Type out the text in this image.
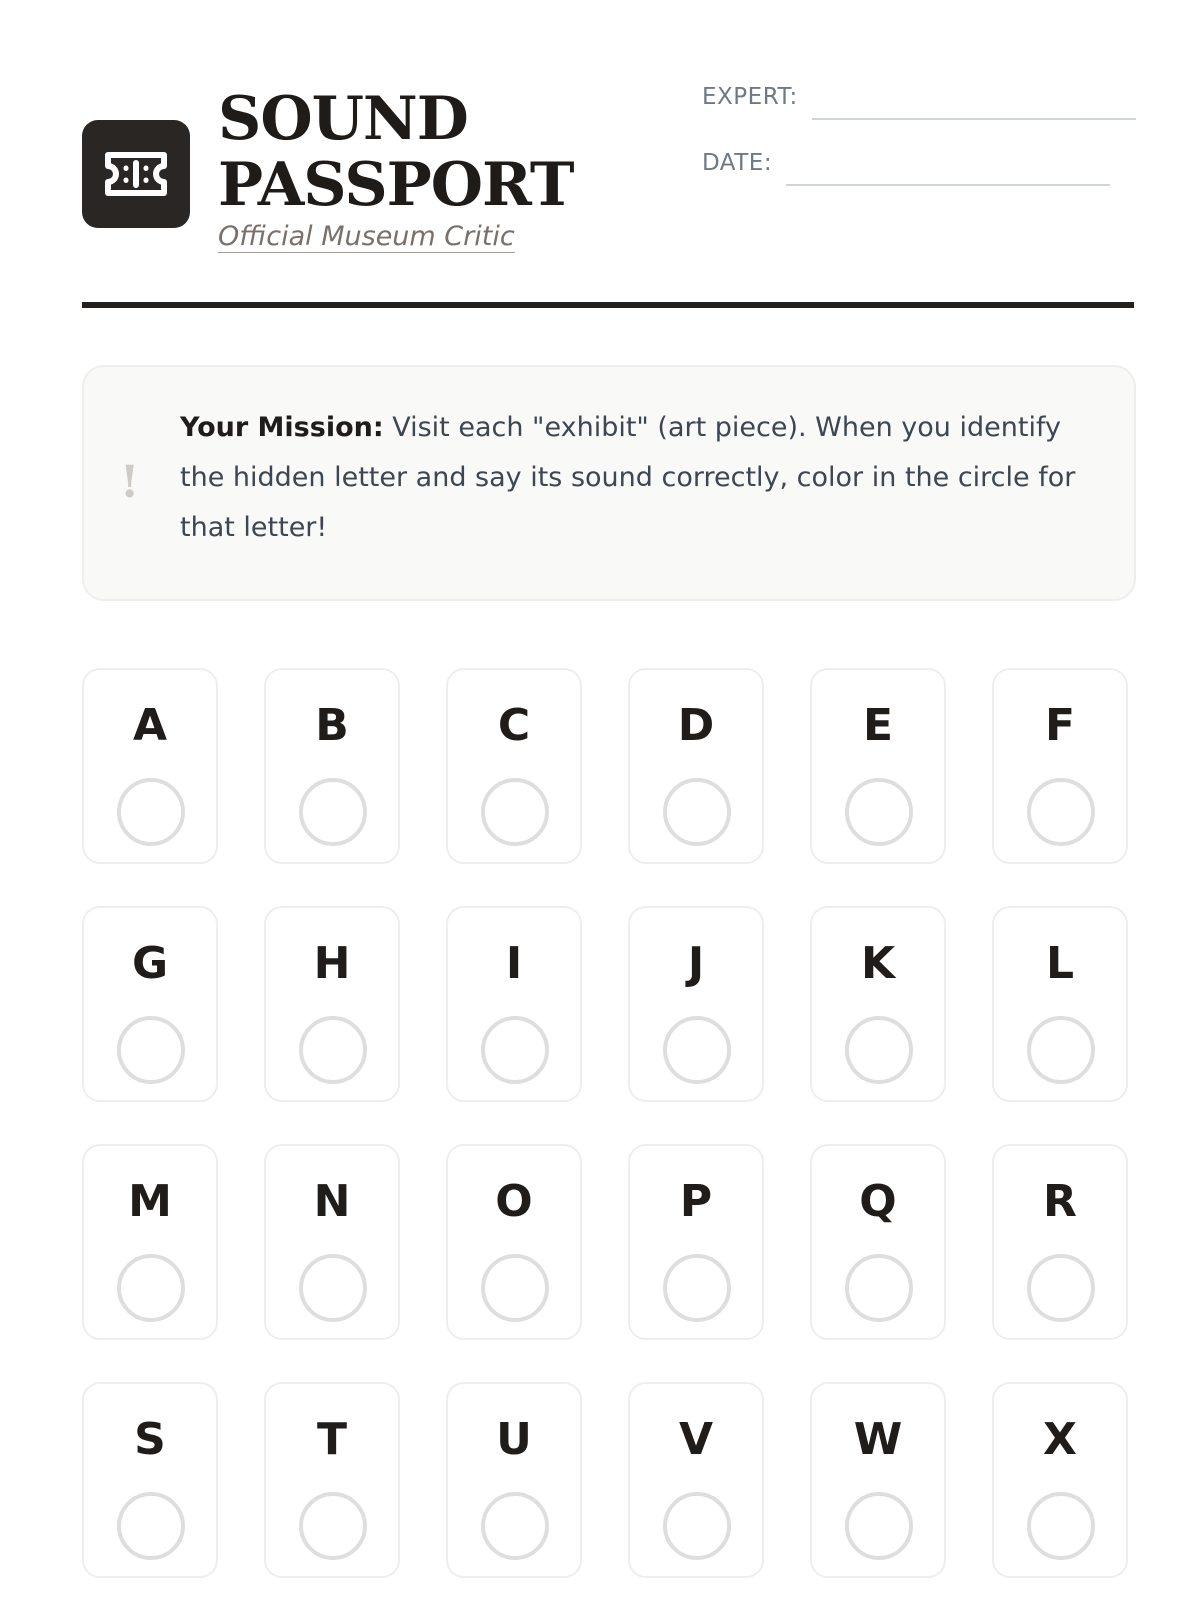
SOUND
PASSPORT
Official Museum Critic
EXPERT:
DATE:
!
Your Mission: Visit each "exhibit" (art piece). When you identify the hidden letter and say its sound correctly, color in the circle for that letter!
A	B	C	D	E	F
G	H	I	J	K	L
M	N	O	P	Q	R
S	T	U	V	W	X
